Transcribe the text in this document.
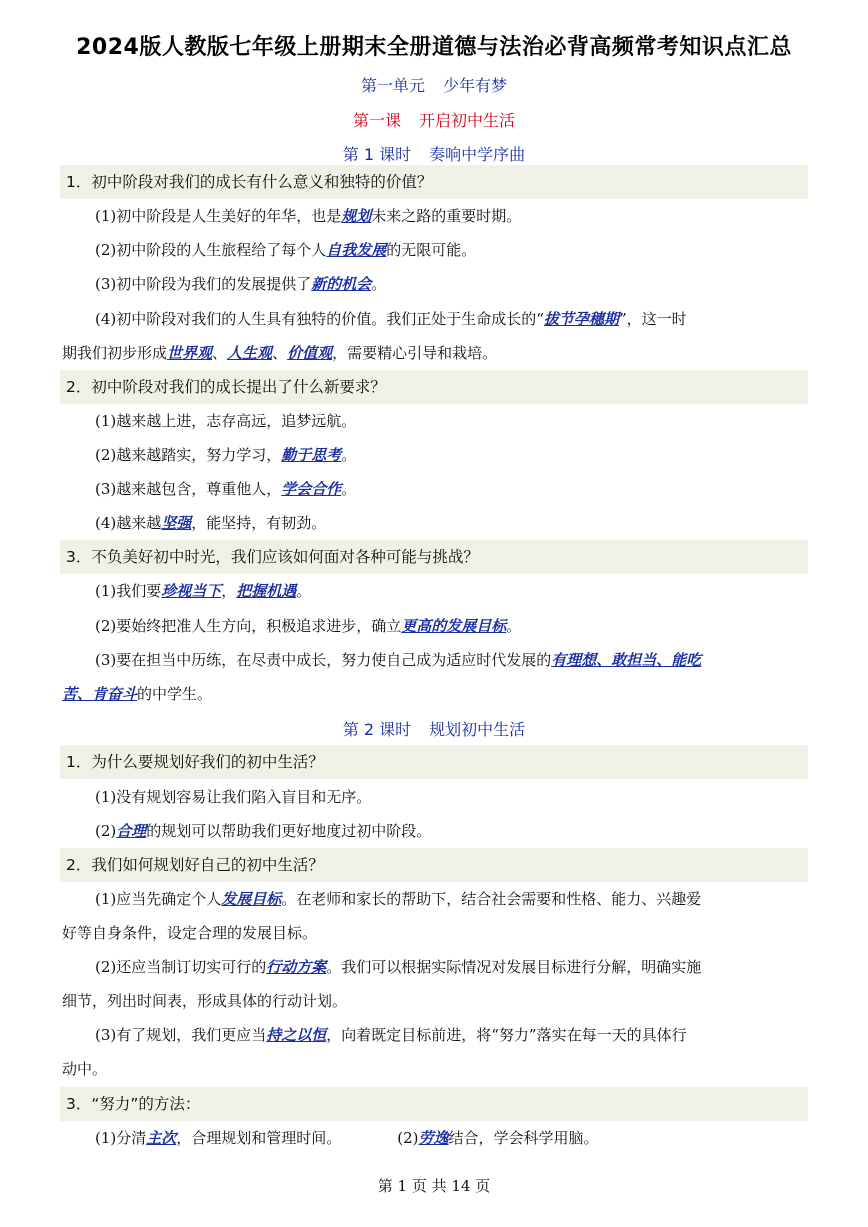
2024版人教版七年级上册期末全册道德与法治必背高频常考知识点汇总
第一单元 少年有梦
第一课 开启初中生活
第 1 课时 奏响中学序曲
1．初中阶段对我们的成长有什么意义和独特的价值？
(1)初中阶段是人生美好的年华，也是规划未来之路的重要时期。
(2)初中阶段的人生旅程给了每个人自我发展的无限可能。
(3)初中阶段为我们的发展提供了新的机会。
(4)初中阶段对我们的人生具有独特的价值。我们正处于生命成长的“拔节孕穗期”，这一时
期我们初步形成世界观、人生观、价值观，需要精心引导和栽培。
2．初中阶段对我们的成长提出了什么新要求？
(1)越来越上进，志存高远，追梦远航。
(2)越来越踏实，努力学习，勤于思考。
(3)越来越包含，尊重他人，学会合作。
(4)越来越坚强，能坚持，有韧劲。
3．不负美好初中时光，我们应该如何面对各种可能与挑战？
(1)我们要珍视当下，把握机遇。
(2)要始终把准人生方向，积极追求进步，确立更高的发展目标。
(3)要在担当中历练，在尽责中成长，努力使自己成为适应时代发展的有理想、敢担当、能吃
苦、肯奋斗的中学生。
第 2 课时 规划初中生活
1．为什么要规划好我们的初中生活？
(1)没有规划容易让我们陷入盲目和无序。
(2)合理的规划可以帮助我们更好地度过初中阶段。
2．我们如何规划好自己的初中生活？
(1)应当先确定个人发展目标。在老师和家长的帮助下，结合社会需要和性格、能力、兴趣爱
好等自身条件，设定合理的发展目标。
(2)还应当制订切实可行的行动方案。我们可以根据实际情况对发展目标进行分解，明确实施
细节，列出时间表，形成具体的行动计划。
(3)有了规划，我们更应当持之以恒，向着既定目标前进，将“努力”落实在每一天的具体行
动中。
3．“努力”的方法：
(1)分清主次，合理规划和管理时间。	(2)劳逸结合，学会科学用脑。
第 1 页 共 14 页
